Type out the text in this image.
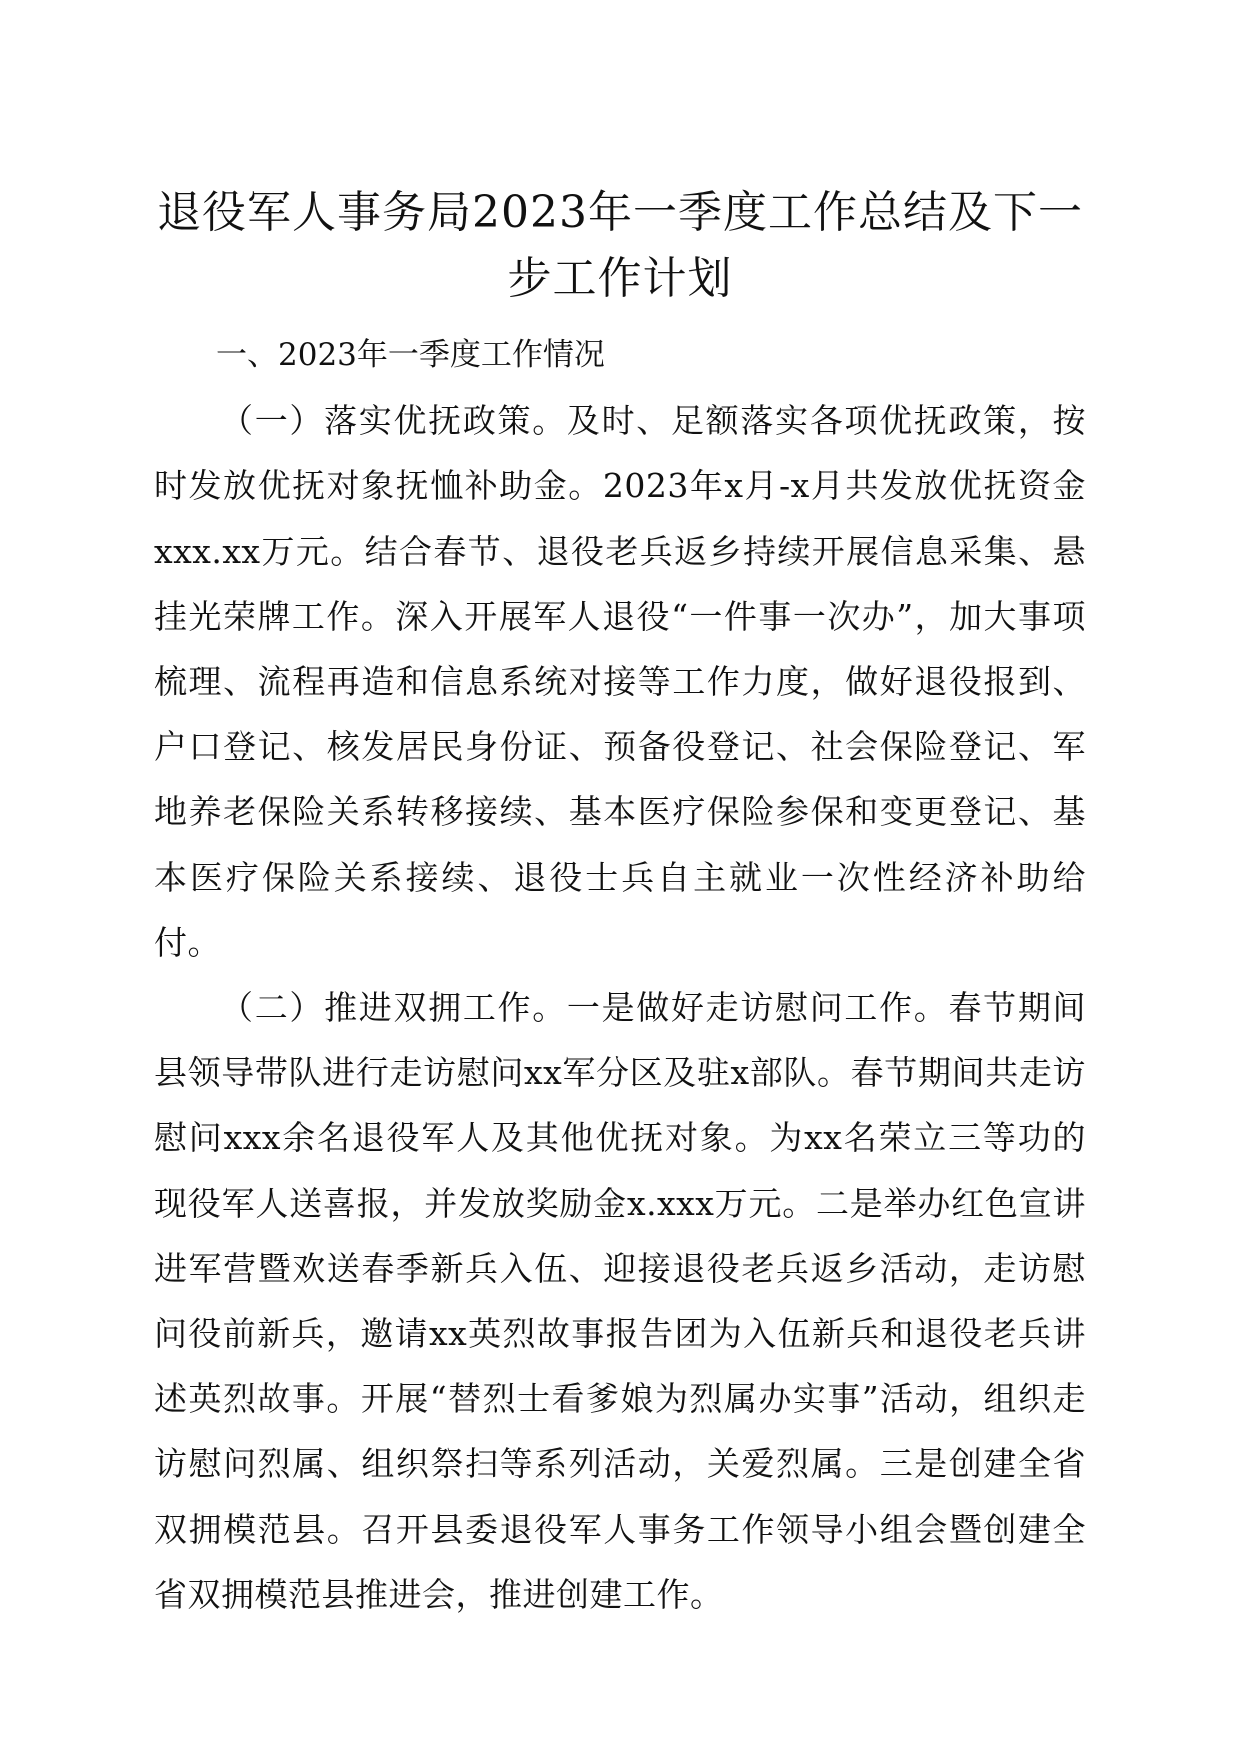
退役军人事务局2023年一季度工作总结及下一步工作计划

一、2023年一季度工作情况

（一）落实优抚政策。及时、足额落实各项优抚政策，按时发放优抚对象抚恤补助金。2023年x月-x月共发放优抚资金xxx.xx万元。结合春节、退役老兵返乡持续开展信息采集、悬挂光荣牌工作。深入开展军人退役“一件事一次办”，加大事项梳理、流程再造和信息系统对接等工作力度，做好退役报到、户口登记、核发居民身份证、预备役登记、社会保险登记、军地养老保险关系转移接续、基本医疗保险参保和变更登记、基本医疗保险关系接续、退役士兵自主就业一次性经济补助给付。

（二）推进双拥工作。一是做好走访慰问工作。春节期间县领导带队进行走访慰问xx军分区及驻x部队。春节期间共走访慰问xxx余名退役军人及其他优抚对象。为xx名荣立三等功的现役军人送喜报，并发放奖励金x.xxx万元。二是举办红色宣讲进军营暨欢送春季新兵入伍、迎接退役老兵返乡活动，走访慰问役前新兵，邀请xx英烈故事报告团为入伍新兵和退役老兵讲述英烈故事。开展“替烈士看爹娘为烈属办实事”活动，组织走访慰问烈属、组织祭扫等系列活动，关爱烈属。三是创建全省双拥模范县。召开县委退役军人事务工作领导小组会暨创建全省双拥模范县推进会，推进创建工作。
